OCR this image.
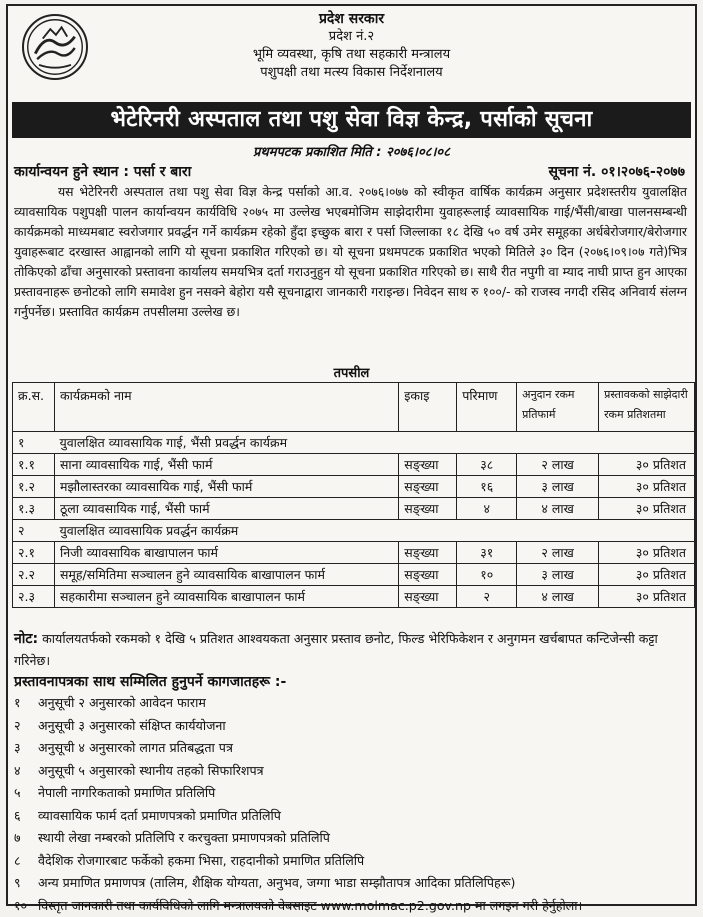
प्रदेश सरकार
प्रदेश नं.२
भूमि व्यवस्था, कृषि तथा सहकारी मन्त्रालय
पशुपक्षी तथा मत्स्य विकास निर्देशनालय
भेटेरिनरी अस्पताल तथा पशु सेवा विज्ञ केन्द्र, पर्साको सूचना
प्रथमपटक प्रकाशित मिति : २०७६।०८।०८
कार्यान्वयन हुने स्थान : पर्सा र बारा	सूचना नं. ०१।२०७६-२०७७
यस भेटेरिनरी अस्पताल तथा पशु सेवा विज्ञ केन्द्र पर्साको आ.व. २०७६।०७७ को स्वीकृत वार्षिक कार्यक्रम अनुसार प्रदेशस्तरीय युवालक्षित व्यावसायिक पशुपक्षी पालन कार्यान्वयन कार्यविधि २०७५ मा उल्लेख भएबमोजिम साझेदारीमा युवाहरूलाई व्यावसायिक गाई/भैंसी/बाखा पालनसम्बन्धी कार्यक्रमको माध्यमबाट स्वरोजगार प्रवर्द्धन गर्ने कार्यक्रम रहेको हुँदा इच्छुक बारा र पर्सा जिल्लाका १८ देखि ५० वर्ष उमेर समूहका अर्धबेरोजगार/बेरोजगार युवाहरूबाट दरखास्त आह्वानको लागि यो सूचना प्रकाशित गरिएको छ। यो सूचना प्रथमपटक प्रकाशित भएको मितिले ३० दिन (२०७६।०९।०७ गते)भित्र तोकिएको ढाँचा अनुसारको प्रस्तावना कार्यालय समयभित्र दर्ता गराउनुहुन यो सूचना प्रकाशित गरिएको छ। साथै रीत नपुगी वा म्याद नाघी प्राप्त हुन आएका प्रस्तावनाहरू छनोटको लागि समावेश हुन नसक्ने बेहोरा यसै सूचनाद्वारा जानकारी गराइन्छ। निवेदन साथ रु १००/- को राजस्व नगदी रसिद अनिवार्य संलग्न गर्नुपर्नेछ। प्रस्तावित कार्यक्रम तपसीलमा उल्लेख छ।
तपसील
क्र.स.	कार्यक्रमको नाम	इकाइ	परिमाण	अनुदान रकम प्रतिफार्म	प्रस्तावकको साझेदारी रकम प्रतिशतमा
१	युवालक्षित व्यावसायिक गाई, भैंसी प्रवर्द्धन कार्यक्रम				
१.१	साना व्यावसायिक गाई, भैंसी फार्म	सङ्ख्या	३८	२ लाख	३० प्रतिशत
१.२	मझौलास्तरका व्यावसायिक गाई, भैंसी फार्म	सङ्ख्या	१६	३ लाख	३० प्रतिशत
१.३	ठूला व्यावसायिक गाई, भैंसी फार्म	सङ्ख्या	४	४ लाख	३० प्रतिशत
२	युवालक्षित व्यावसायिक प्रवर्द्धन कार्यक्रम				
२.१	निजी व्यावसायिक बाखापालन फार्म	सङ्ख्या	३१	२ लाख	३० प्रतिशत
२.२	समूह/समितिमा सञ्चालन हुने व्यावसायिक बाखापालन फार्म	सङ्ख्या	१०	३ लाख	३० प्रतिशत
२.३	सहकारीमा सञ्चालन हुने व्यावसायिक बाखापालन फार्म	सङ्ख्या	२	४ लाख	३० प्रतिशत
नोट: कार्यालयतर्फको रकमको १ देखि ५ प्रतिशत आश्वयकता अनुसार प्रस्ताव छनोट, फिल्ड भेरिफिकेशन र अनुगमन खर्चबापत कन्टिजेन्सी कट्टा गरिनेछ।
प्रस्तावनापत्रका साथ सम्मिलित हुनुपर्ने कागजातहरू :-
१ अनुसूची २ अनुसारको आवेदन फाराम
२ अनुसूची ३ अनुसारको संक्षिप्त कार्ययोजना
३ अनुसूची ४ अनुसारको लागत प्रतिबद्धता पत्र
४ अनुसूची ५ अनुसारको स्थानीय तहको सिफारिशपत्र
५ नेपाली नागरिकताको प्रमाणित प्रतिलिपि
६ व्यावसायिक फार्म दर्ता प्रमाणपत्रको प्रमाणित प्रतिलिपि
७ स्थायी लेखा नम्बरको प्रतिलिपि र करचुक्ता प्रमाणपत्रको प्रतिलिपि
८ वैदेशिक रोजगारबाट फर्केको हकमा भिसा, राहदानीको प्रमाणित प्रतिलिपि
९ अन्य प्रमाणित प्रमाणपत्र (तालिम, शैक्षिक योग्यता, अनुभव, जग्गा भाडा सम्झौतापत्र आदिका प्रतिलिपिहरू)
१० विस्तृत जानकारी तथा कार्यविधिको लागि मन्त्रालयको वेबसाइट www.molmac.p2.gov.np मा लगइन गरी हेर्नुहोला।
